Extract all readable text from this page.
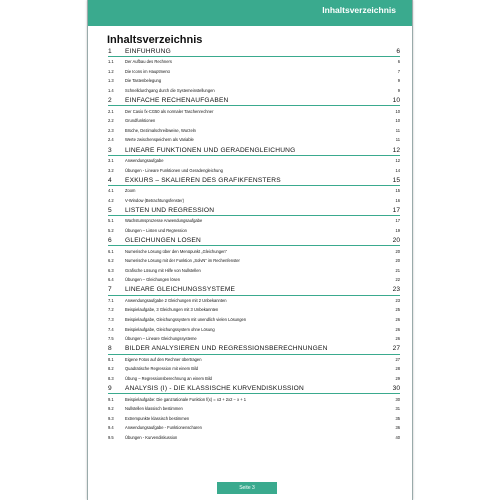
Inhaltsverzeichnis
Inhaltsverzeichnis
1	EINFÜHRUNG	6
1.1	Der Aufbau des Rechners	6
1.2	Die Icons im Hauptmenü	7
1.3	Die Tastenbelegung	9
1.4	Schnelldurchgang durch die Systemeinstellungen	9
2	EINFACHE RECHENAUFGABEN	10
2.1	Der Casio fx-CG50 als normaler Taschenrechner	10
2.2	Grundfunktionen	10
2.3	Brüche, Dezimalschreibweise, Wurzeln	11
2.4	Werte zwischenspeichern als Variable	11
3	LINEARE FUNKTIONEN UND GERADENGLEICHUNG	12
3.1	Anwendungsaufgabe	12
3.2	Übungen - Lineare Funktionen und Geradengleichung	14
4	EXKURS – SKALIEREN DES GRAFIKFENSTERS	15
4.1	Zoom	15
4.2	V-Window (Betrachtungsfenster)	16
5	LISTEN UND REGRESSION	17
5.1	Wachstumsprozesse Anwendungsaufgabe	17
5.2	Übungen – Listen und Regression	19
6	GLEICHUNGEN LÖSEN	20
6.1	Numerische Lösung über den Menüpunkt „Gleichungen“	20
6.2	Numerische Lösung mit der Funktion „SolvN“ im Rechenfenster	20
6.3	Grafische Lösung mit Hilfe von Nullstellen	21
6.4	Übungen – Gleichungen lösen	22
7	LINEARE GLEICHUNGSSYSTEME	23
7.1	Anwendungsaufgabe 2 Gleichungen mit 2 Unbekannten	23
7.2	Beispielaufgabe, 3 Gleichungen mit 3 Unbekannten	25
7.3	Beispielaufgabe, Gleichungssystem mit unendlich vielen Lösungen	26
7.4	Beispielaufgabe, Gleichungssystem ohne Lösung	26
7.5	Übungen – Lineare Gleichungssysteme	26
8	BILDER ANALYSIEREN UND REGRESSIONSBERECHNUNGEN	27
8.1	Eigene Fotos auf den Rechner übertragen	27
8.2	Quadratische Regression mit einem Bild	28
8.3	Übung – Regressionsberechnung an einem Bild	29
9	ANALYSIS (I) - DIE KLASSISCHE KURVENDISKUSSION	30
9.1	Beispielaufgabe: Die ganzrationale Funktion f(x) = x3 + 2x2 − x + 1	30
9.2	Nullstellen klassisch bestimmen	31
9.3	Extrempunkte klassisch bestimmen	35
9.4	Anwendungsaufgabe - Funktionenscharen	36
9.5	Übungen - Kurvendiskussion	40
Seite 3
